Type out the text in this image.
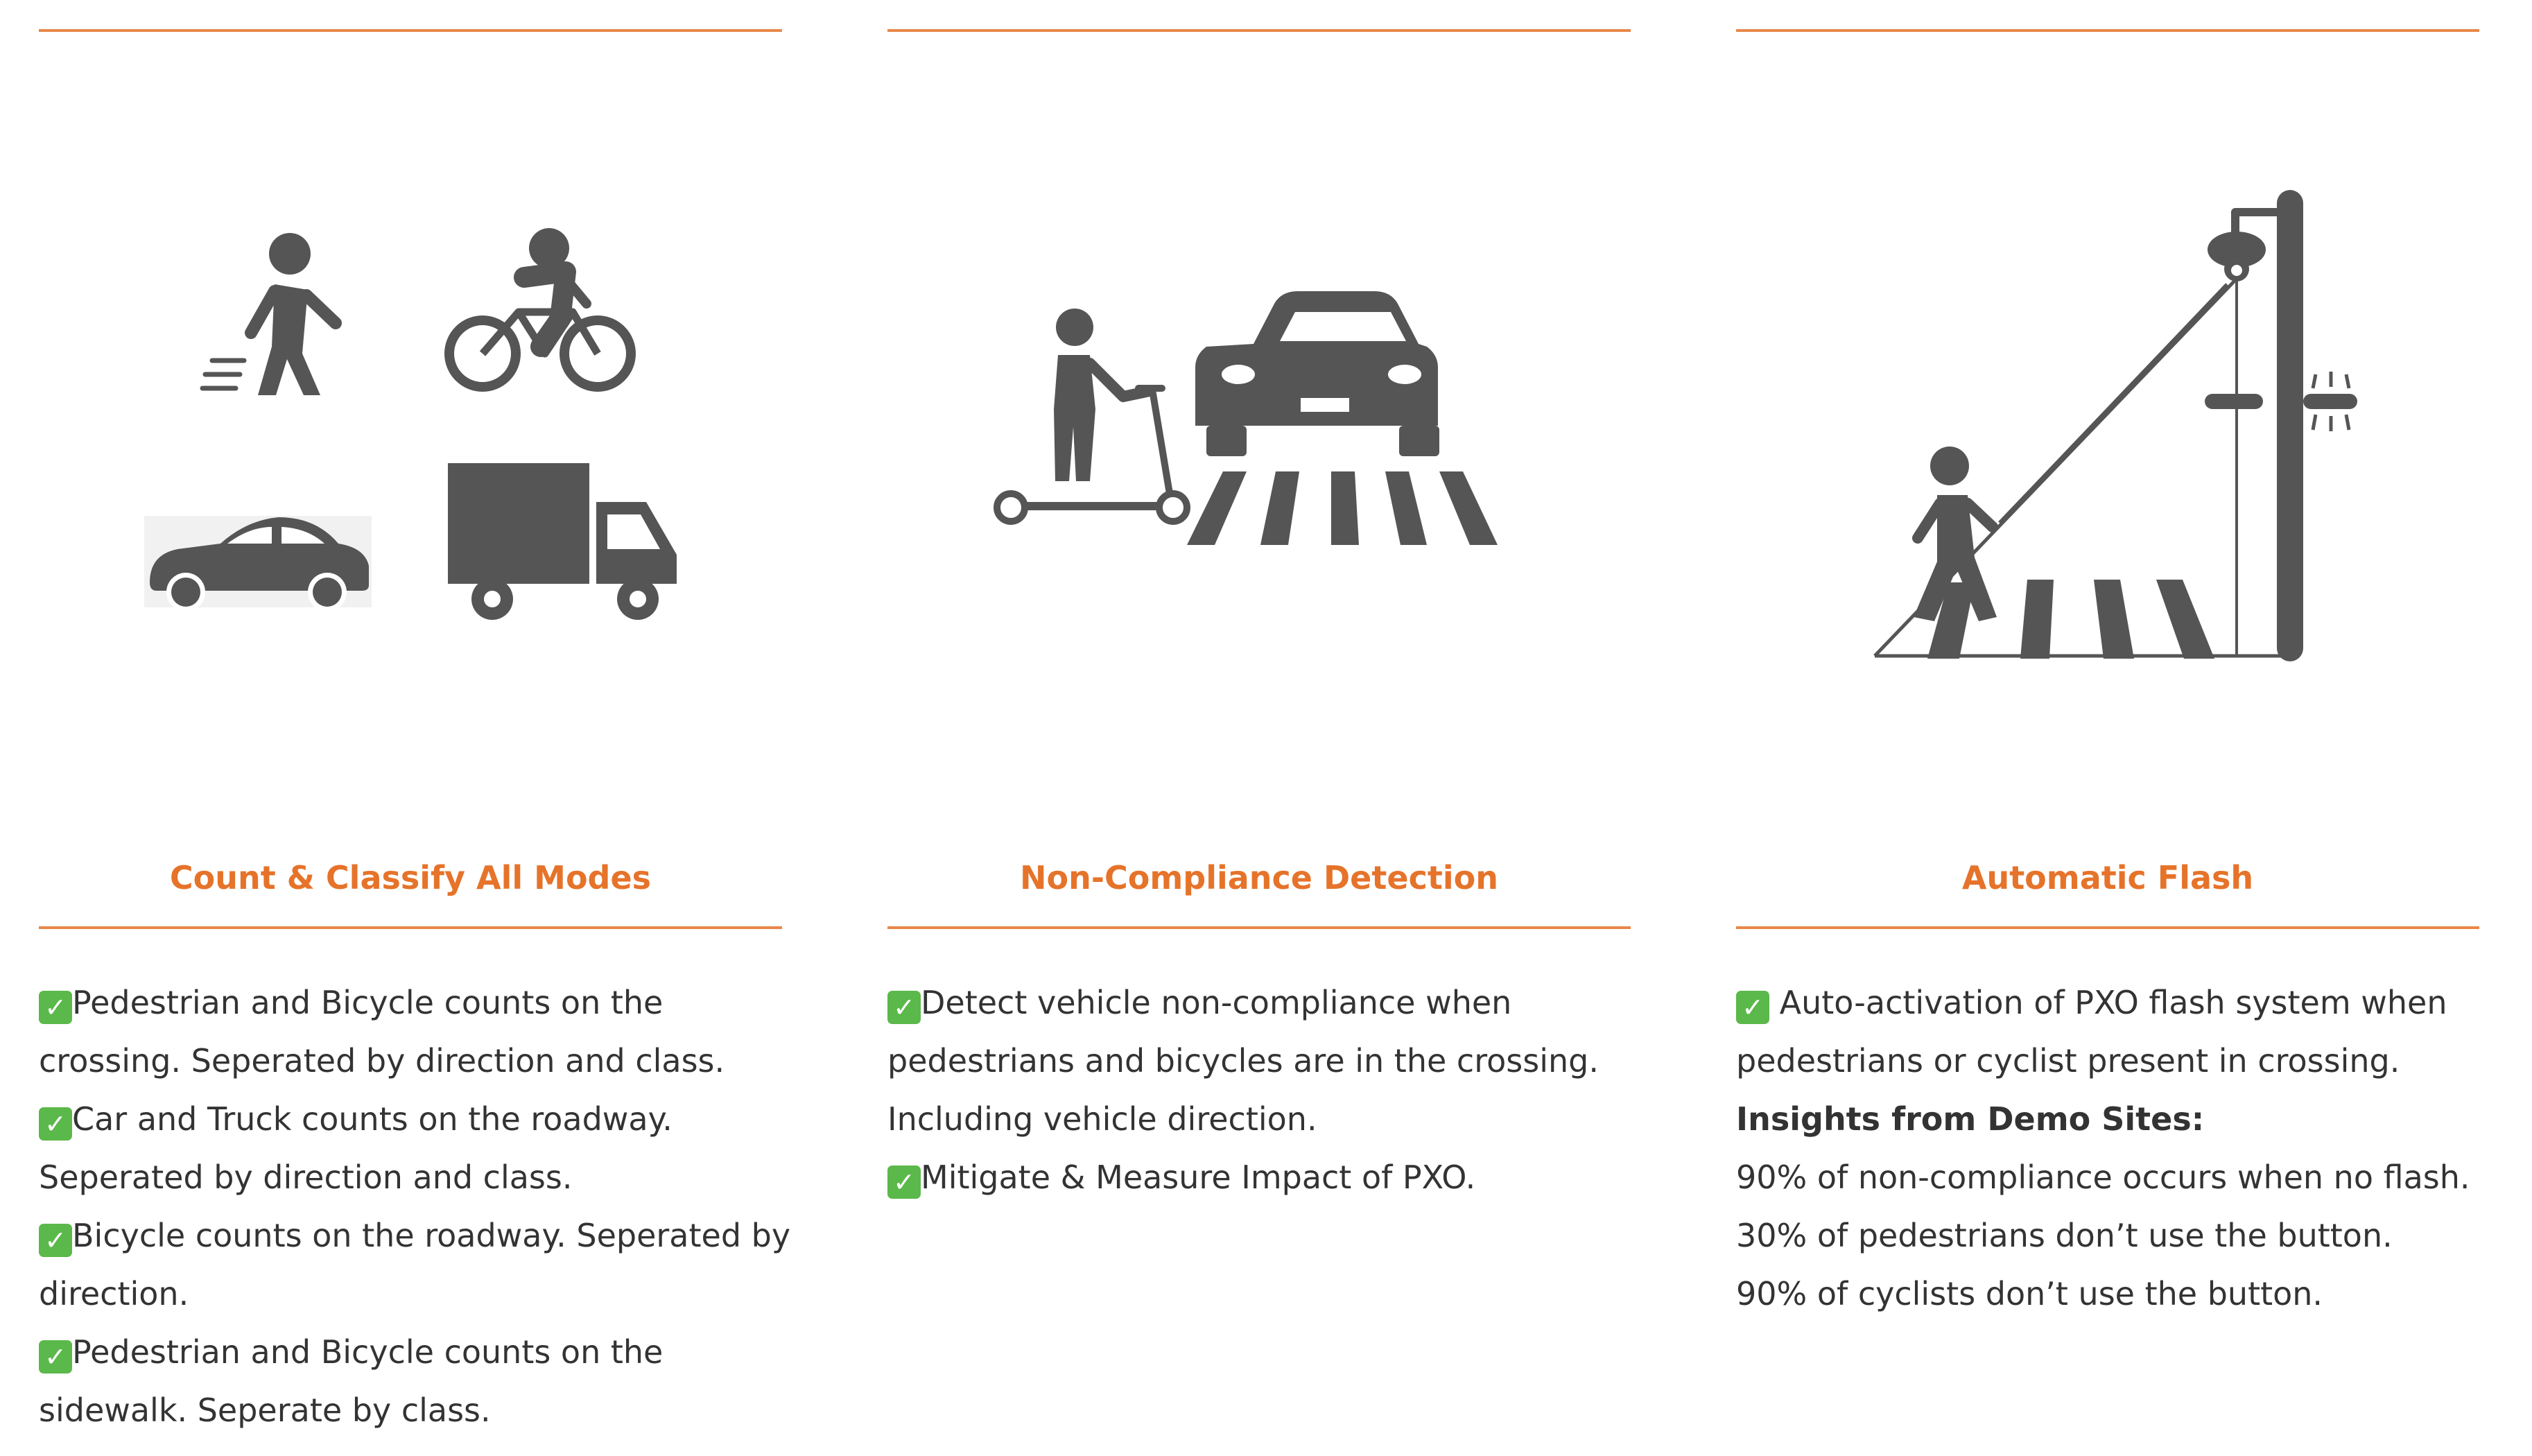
Count & Classify All Modes
✓ Pedestrian and Bicycle counts on the
crossing. Seperated by direction and class.
✓ Car and Truck counts on the roadway.
Seperated by direction and class.
✓ Bicycle counts on the roadway. Seperated by
direction.
✓ Pedestrian and Bicycle counts on the
sidewalk. Seperate by class.
Non-Compliance Detection
✓ Detect vehicle non-compliance when
pedestrians and bicycles are in the crossing.
Including vehicle direction.
✓ Mitigate & Measure Impact of PXO.
Automatic Flash
✓ Auto-activation of PXO flash system when
pedestrians or cyclist present in crossing.
Insights from Demo Sites:
90% of non-compliance occurs when no flash.
30% of pedestrians don’t use the button.
90% of cyclists don’t use the button.
